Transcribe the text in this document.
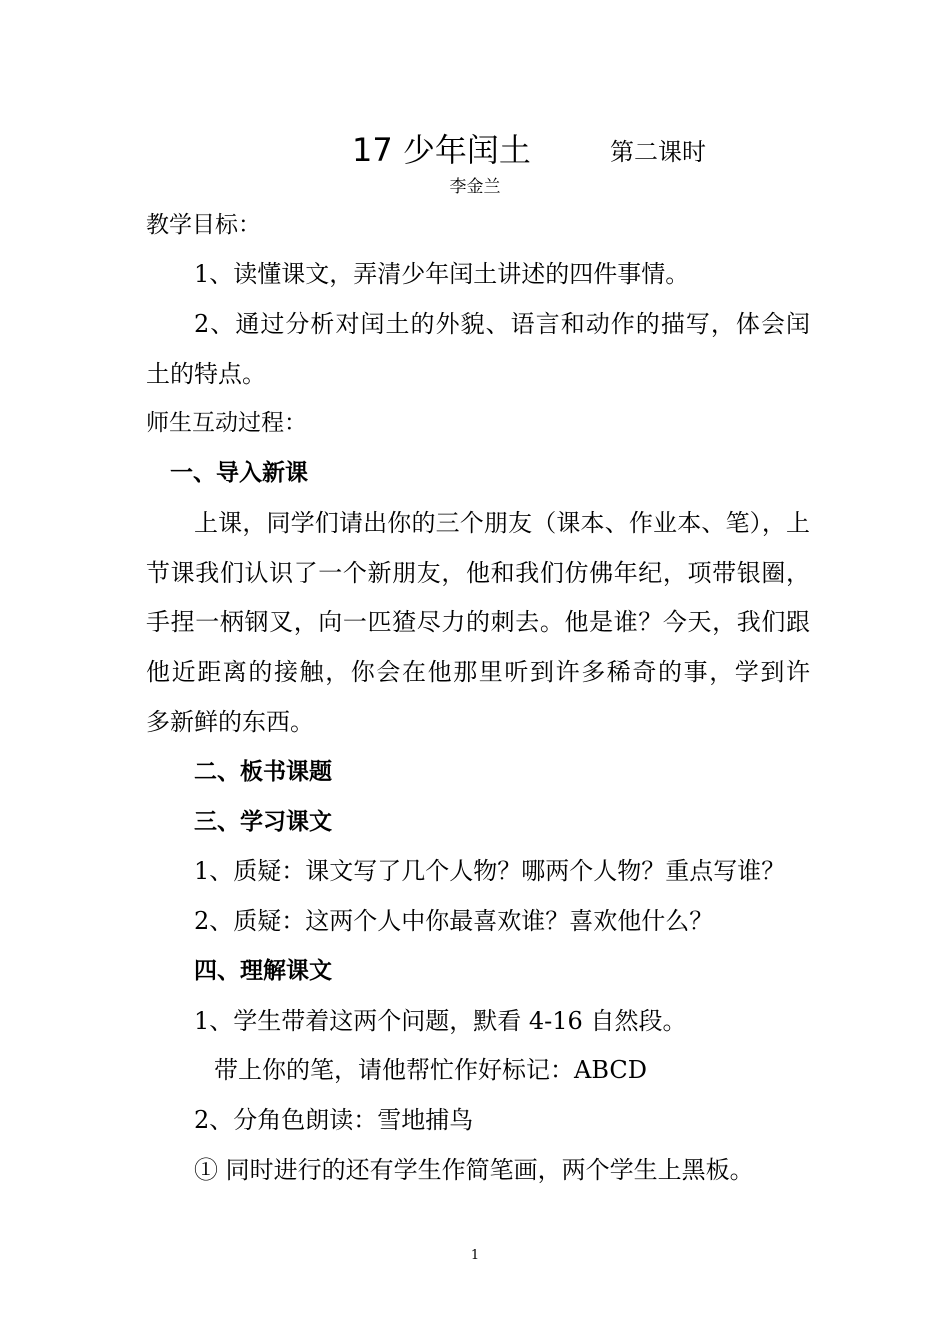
17 少年闰土	第二课时
李金兰
教学目标：
1、读懂课文，弄清少年闰土讲述的四件事情。
2、通过分析对闰土的外貌、语言和动作的描写，体会闰
土的特点。
师生互动过程：
一、导入新课
上课，同学们请出你的三个朋友（课本、作业本、笔），上
节课我们认识了一个新朋友，他和我们仿佛年纪，项带银圈，
手捏一柄钢叉，向一匹猹尽力的刺去。他是谁？今天，我们跟
他近距离的接触，你会在他那里听到许多稀奇的事，学到许
多新鲜的东西。
二、板书课题
三、学习课文
1、质疑：课文写了几个人物？哪两个人物？重点写谁？
2、质疑：这两个人中你最喜欢谁？喜欢他什么？
四、理解课文
1、学生带着这两个问题，默看 4-16 自然段。
带上你的笔，请他帮忙作好标记：ABCD
2、分角色朗读：雪地捕鸟
① 同时进行的还有学生作简笔画，两个学生上黑板。
1
